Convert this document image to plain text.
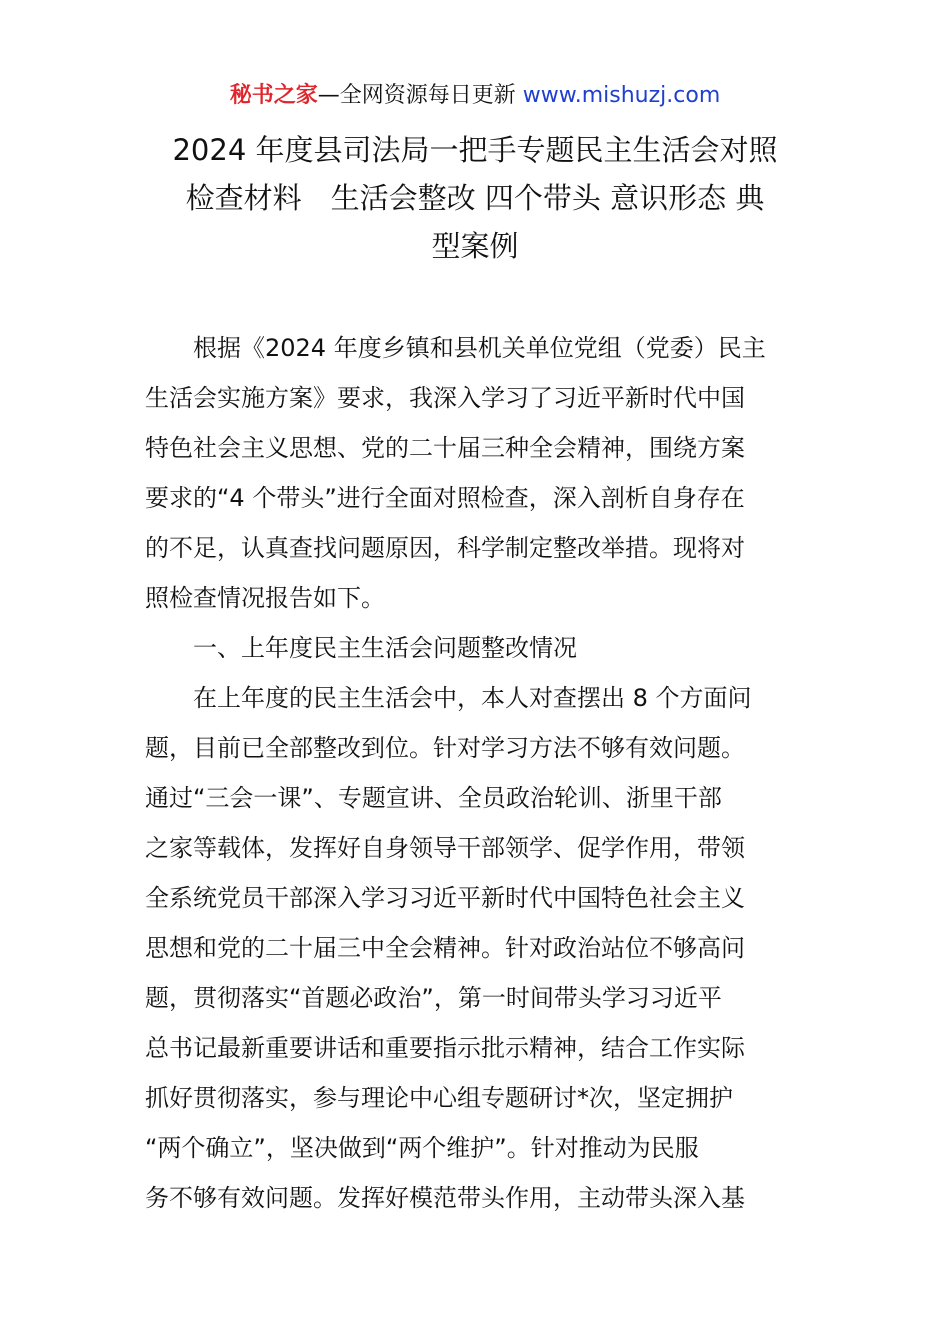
秘书之家—全网资源每日更新 www.mishuzj.com
2024 年度县司法局一把手专题民主生活会对照
检查材料　生活会整改 四个带头 意识形态 典
型案例
根据《2024 年度乡镇和县机关单位党组（党委）民主
生活会实施方案》要求，我深入学习了习近平新时代中国
特色社会主义思想、党的二十届三种全会精神，围绕方案
要求的“4 个带头”进行全面对照检查，深入剖析自身存在
的不足，认真查找问题原因，科学制定整改举措。现将对
照检查情况报告如下。
一、上年度民主生活会问题整改情况
在上年度的民主生活会中，本人对查摆出 8 个方面问
题，目前已全部整改到位。针对学习方法不够有效问题。
通过“三会一课”、专题宣讲、全员政治轮训、浙里干部
之家等载体，发挥好自身领导干部领学、促学作用，带领
全系统党员干部深入学习习近平新时代中国特色社会主义
思想和党的二十届三中全会精神。针对政治站位不够高问
题，贯彻落实“首题必政治”，第一时间带头学习习近平
总书记最新重要讲话和重要指示批示精神，结合工作实际
抓好贯彻落实，参与理论中心组专题研讨*次，坚定拥护
“两个确立”，坚决做到“两个维护”。针对推动为民服
务不够有效问题。发挥好模范带头作用，主动带头深入基
